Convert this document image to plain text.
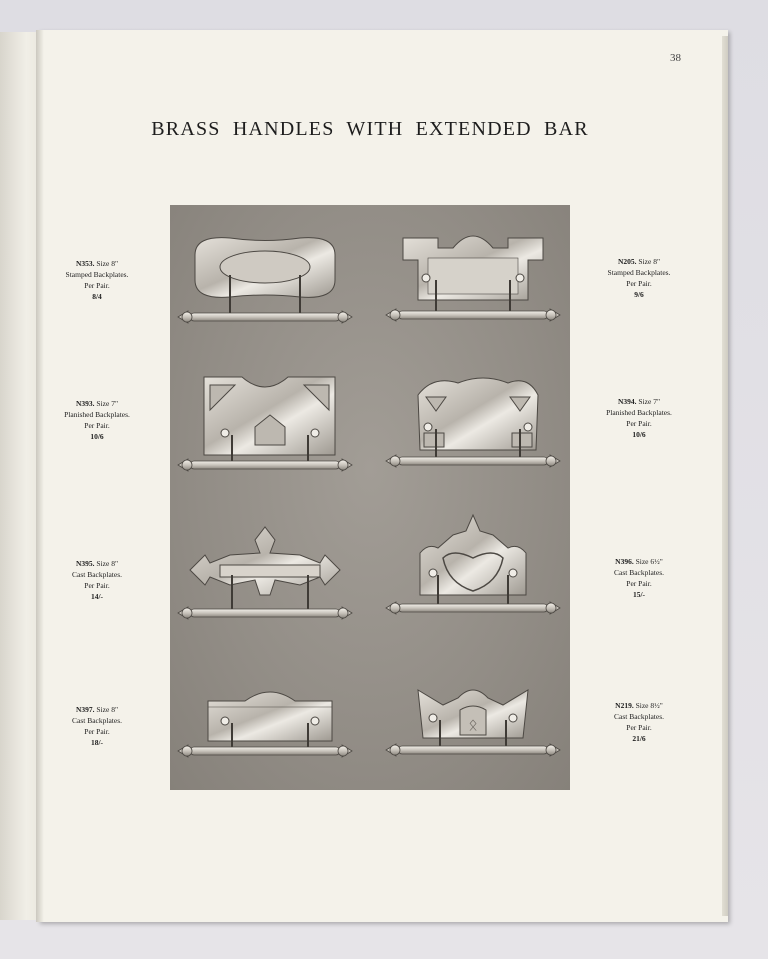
38
BRASS HANDLES WITH EXTENDED BAR
ᛟ
N353. Size 8"
Stamped Backplates.
Per Pair.
8/4
N393. Size 7"
Planished Backplates.
Per Pair.
10/6
N395. Size 8"
Cast Backplates.
Per Pair.
14/-
N397. Size 8"
Cast Backplates.
Per Pair.
18/-
N205. Size 8"
Stamped Backplates.
Per Pair.
9/6
N394. Size 7"
Planished Backplates.
Per Pair.
10/6
N396. Size 6½"
Cast Backplates.
Per Pair.
15/-
N219. Size 8½"
Cast Backplates.
Per Pair.
21/6
